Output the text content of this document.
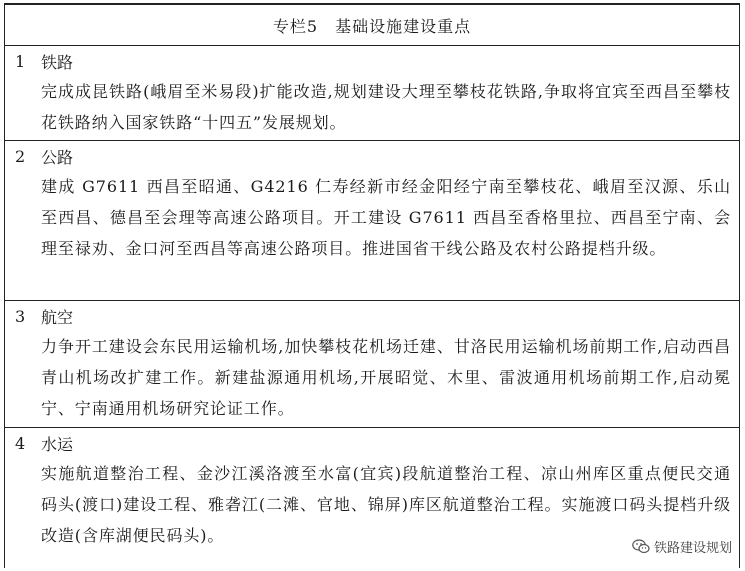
专栏5　基础设施建设重点
1 铁路
完成成昆铁路(峨眉至米易段)扩能改造,规划建设大理至攀枝花铁路,争取将宜宾至西昌至攀枝花铁路纳入国家铁路“十四五”发展规划。
2 公路
建成 G7611 西昌至昭通、G4216 仁寿经新市经金阳经宁南至攀枝花、峨眉至汉源、乐山至西昌、德昌至会理等高速公路项目。开工建设 G7611 西昌至香格里拉、西昌至宁南、会理至禄劝、金口河至西昌等高速公路项目。推进国省干线公路及农村公路提档升级。
3 航空
力争开工建设会东民用运输机场,加快攀枝花机场迁建、甘洛民用运输机场前期工作,启动西昌青山机场改扩建工作。新建盐源通用机场,开展昭觉、木里、雷波通用机场前期工作,启动冕宁、宁南通用机场研究论证工作。
4 水运
实施航道整治工程、金沙江溪洛渡至水富(宜宾)段航道整治工程、凉山州库区重点便民交通码头(渡口)建设工程、雅砻江(二滩、官地、锦屏)库区航道整治工程。实施渡口码头提档升级改造(含库湖便民码头)。
铁路建设规划
